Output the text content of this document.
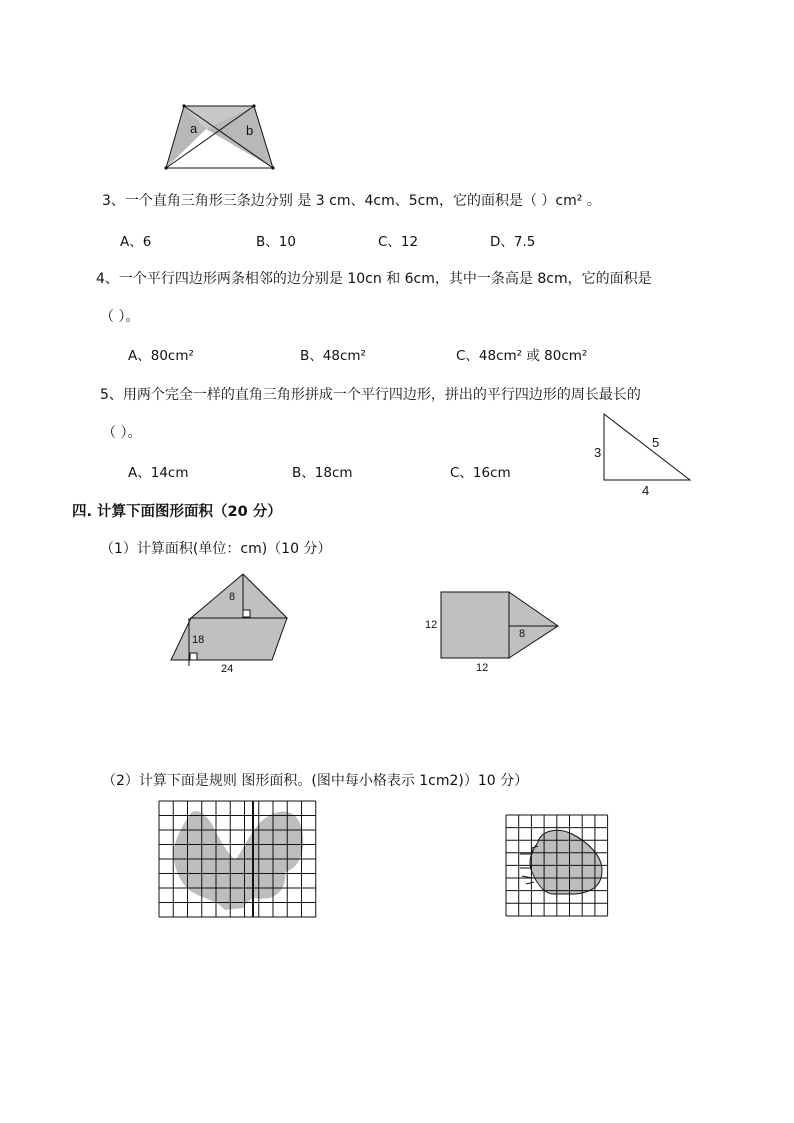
a	b
3、一个直角三角形三条边分别 是 3 cm、4cm、5cm，它的面积是（ ）cm² 。
A、6	B、10	C、12	D、7.5
4、一个平行四边形两条相邻的边分别是 10cn 和 6cm，其中一条高是 8cm，它的面积是
（ ）。
A、80cm²	B、48cm²	C、48cm² 或 80cm²
5、用两个完全一样的直角三角形拼成一个平行四边形，拼出的平行四边形的周长最长的
（ ）。
A、14cm	B、18cm	C、16cm
3
5
4
四. 计算下面图形面积（20 分）
（1）计算面积(单位：cm)（10 分）
8
18
24
12
8
12
（2）计算下面是规则 图形面积。(图中每小格表示 1cm2)）10 分）
